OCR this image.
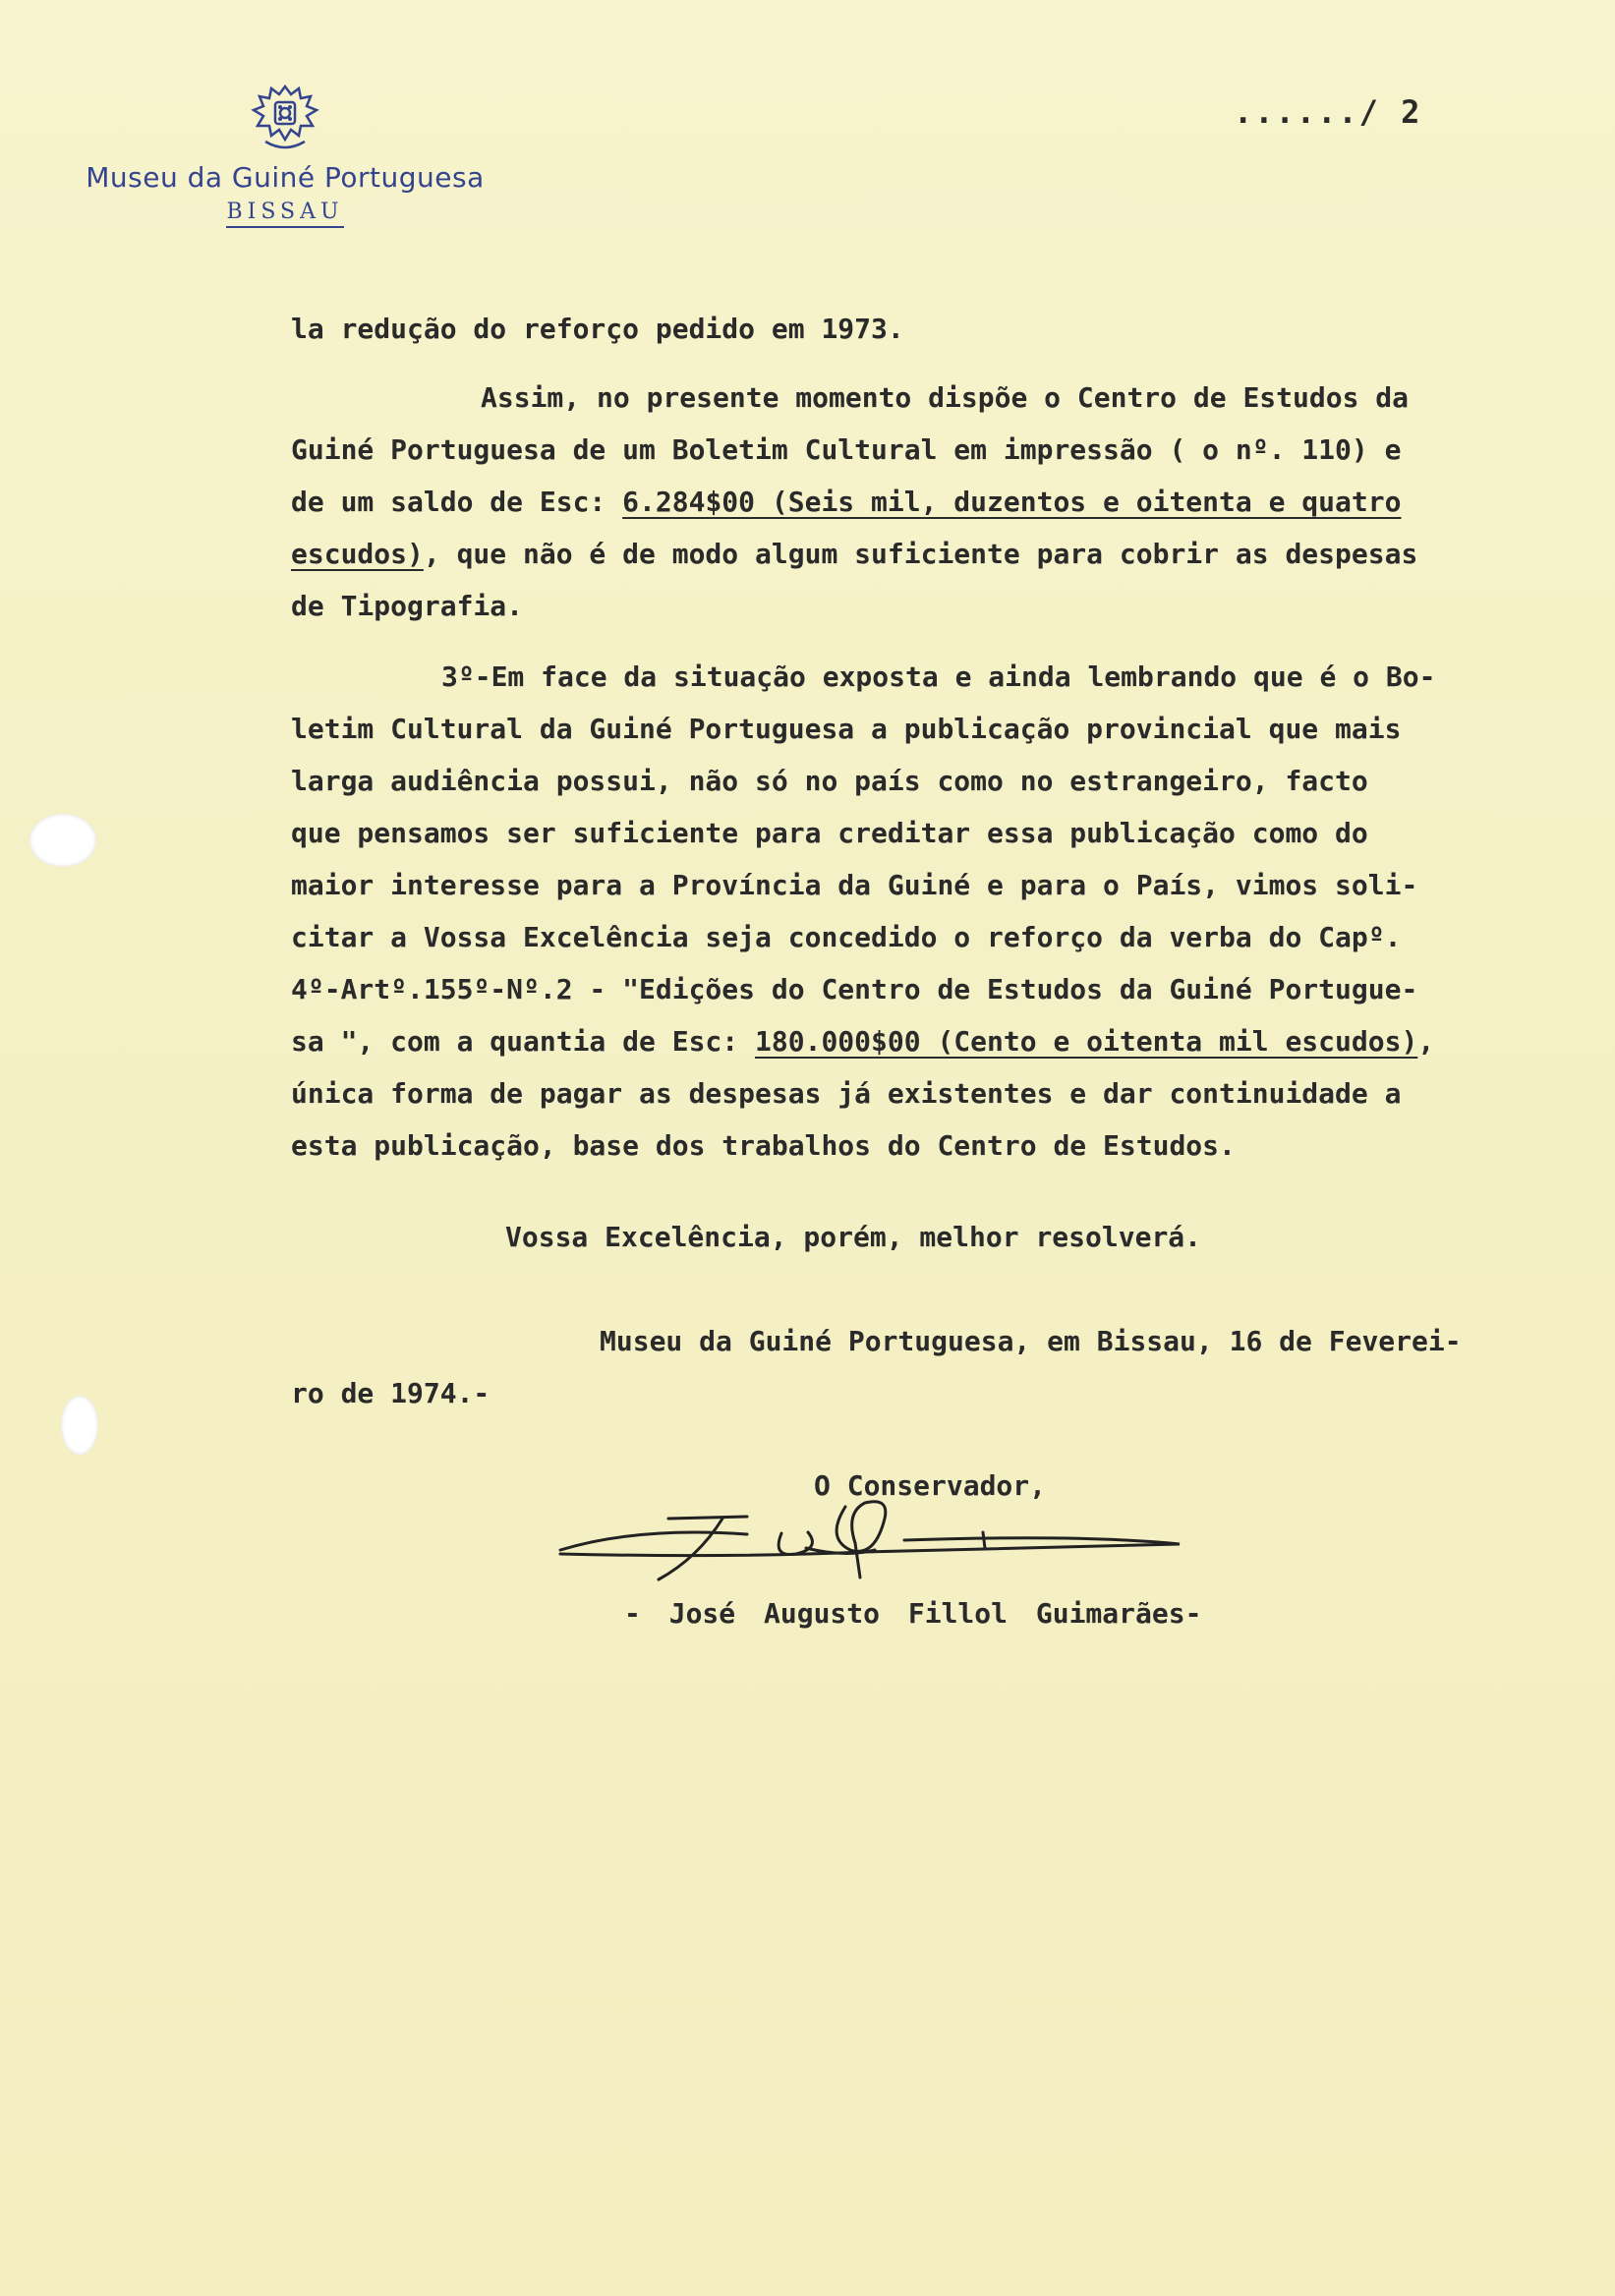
Museu da Guiné Portuguesa
BISSAU
....../ 2
la redução do reforço pedido em 1973.
Assim, no presente momento dispõe o Centro de Estudos da
Guiné Portuguesa de um Boletim Cultural em impressão ( o nº. 110) e
de um saldo de Esc: 6.284$00 (Seis mil, duzentos e oitenta e quatro
escudos), que não é de modo algum suficiente para cobrir as despesas
de Tipografia.
3º-Em face da situação exposta e ainda lembrando que é o Bo-
letim Cultural da Guiné Portuguesa a publicação provincial que mais
larga audiência possui, não só no país como no estrangeiro, facto
que pensamos ser suficiente para creditar essa publicação como do
maior interesse para a Província da Guiné e para o País, vimos soli-
citar a Vossa Excelência seja concedido o reforço da verba do Capº.
4º-Artº.155º-Nº.2 - "Edições do Centro de Estudos da Guiné Portugue-
sa ", com a quantia de Esc: 180.000$00 (Cento e oitenta mil escudos),
única forma de pagar as despesas já existentes e dar continuidade a
esta publicação, base dos trabalhos do Centro de Estudos.
Vossa Excelência, porém, melhor resolverá.
Museu da Guiné Portuguesa, em Bissau, 16 de Feverei-
ro de 1974.-
O Conservador,
- José Augusto Fillol Guimarães-
